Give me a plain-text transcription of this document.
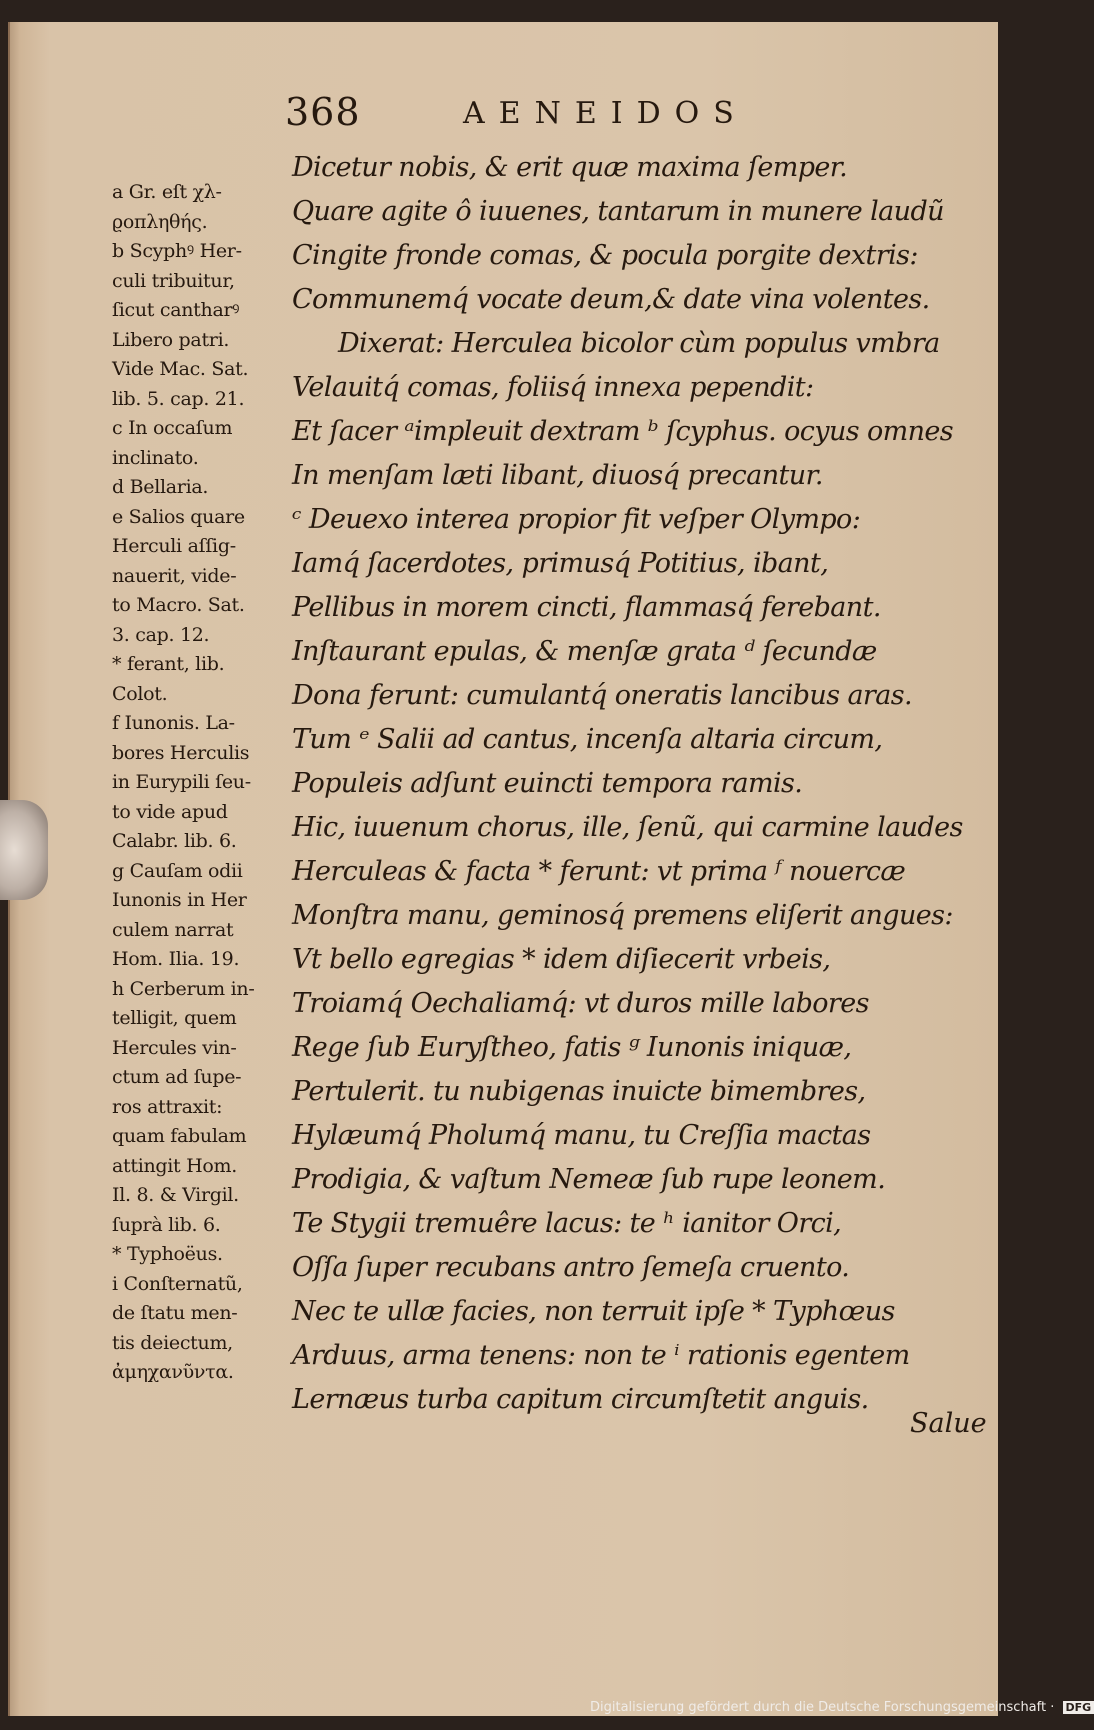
368	AENEIDOS
a Gr. eſt χλ-
ϱοπληθής.
b Scyphꝰ Her-
culi tribuitur,
ſicut cantharꝰ
Libero patri.
Vide Mac. Sat.
lib. 5. cap. 21.
c In occaſum
inclinato.
d Bellaria.
e Salios quare
Herculi aſſig-
nauerit, vide-
to Macro. Sat.
3. cap. 12.
* ferant, lib.
Colot.
f Iunonis. La-
bores Herculis
in Eurypili ſeu-
to vide apud
Calabr. lib. 6.
g Cauſam odii
Iunonis in Her
culem narrat
Hom. Ilia. 19.
h Cerberum in-
telligit, quem
Hercules vin-
ctum ad ſupe-
ros attraxit:
quam fabulam
attingit Hom.
Il. 8. & Virgil.
ſuprà lib. 6.
* Typhoëus.
i Conſternatũ,
de ſtatu men-
tis deiectum,
ἀμηχανῦντα.
Dicetur nobis, & erit quæ maxima ſemper.
Quare agite ô iuuenes, tantarum in munere laudũ
Cingite fronde comas, & pocula porgite dextris:
Communemq́ vocate deum,& date vina volentes.
Dixerat: Herculea bicolor cùm populus vmbra
Velauitq́ comas, foliisq́ innexa pependit:
Et ſacer ᵃimpleuit dextram ᵇ ſcyphus. ocyus omnes
In menſam læti libant, diuosq́ precantur.
ᶜ Deuexo interea propior fit veſper Olympo:
Iamq́ ſacerdotes, primusq́ Potitius, ibant,
Pellibus in morem cincti, flammasq́ ferebant.
Inſtaurant epulas, & menſæ grata ᵈ ſecundæ
Dona ferunt: cumulantq́ oneratis lancibus aras.
Tum ᵉ Salii ad cantus, incenſa altaria circum,
Populeis adſunt euincti tempora ramis.
Hic, iuuenum chorus, ille, ſenũ, qui carmine laudes
Herculeas & facta * ferunt: vt prima ᶠ nouercæ
Monſtra manu, geminosq́ premens eliſerit angues:
Vt bello egregias * idem diſiecerit vrbeis,
Troiamq́ Oechaliamq́: vt duros mille labores
Rege ſub Euryſtheo, fatis ᵍ Iunonis iniquæ,
Pertulerit. tu nubigenas inuicte bimembres,
Hylæumq́ Pholumq́ manu, tu Creſſia mactas
Prodigia, & vaſtum Nemeæ ſub rupe leonem.
Te Stygii tremuêre lacus: te ʰ ianitor Orci,
Oſſa ſuper recubans antro ſemeſa cruento.
Nec te ullæ facies, non terruit ipſe * Typhœus
Arduus, arma tenens: non te ⁱ rationis egentem
Lernæus turba capitum circumſtetit anguis.
Salue
Digitalisierung gefördert durch die Deutsche Forschungsgemeinschaft · DFG
